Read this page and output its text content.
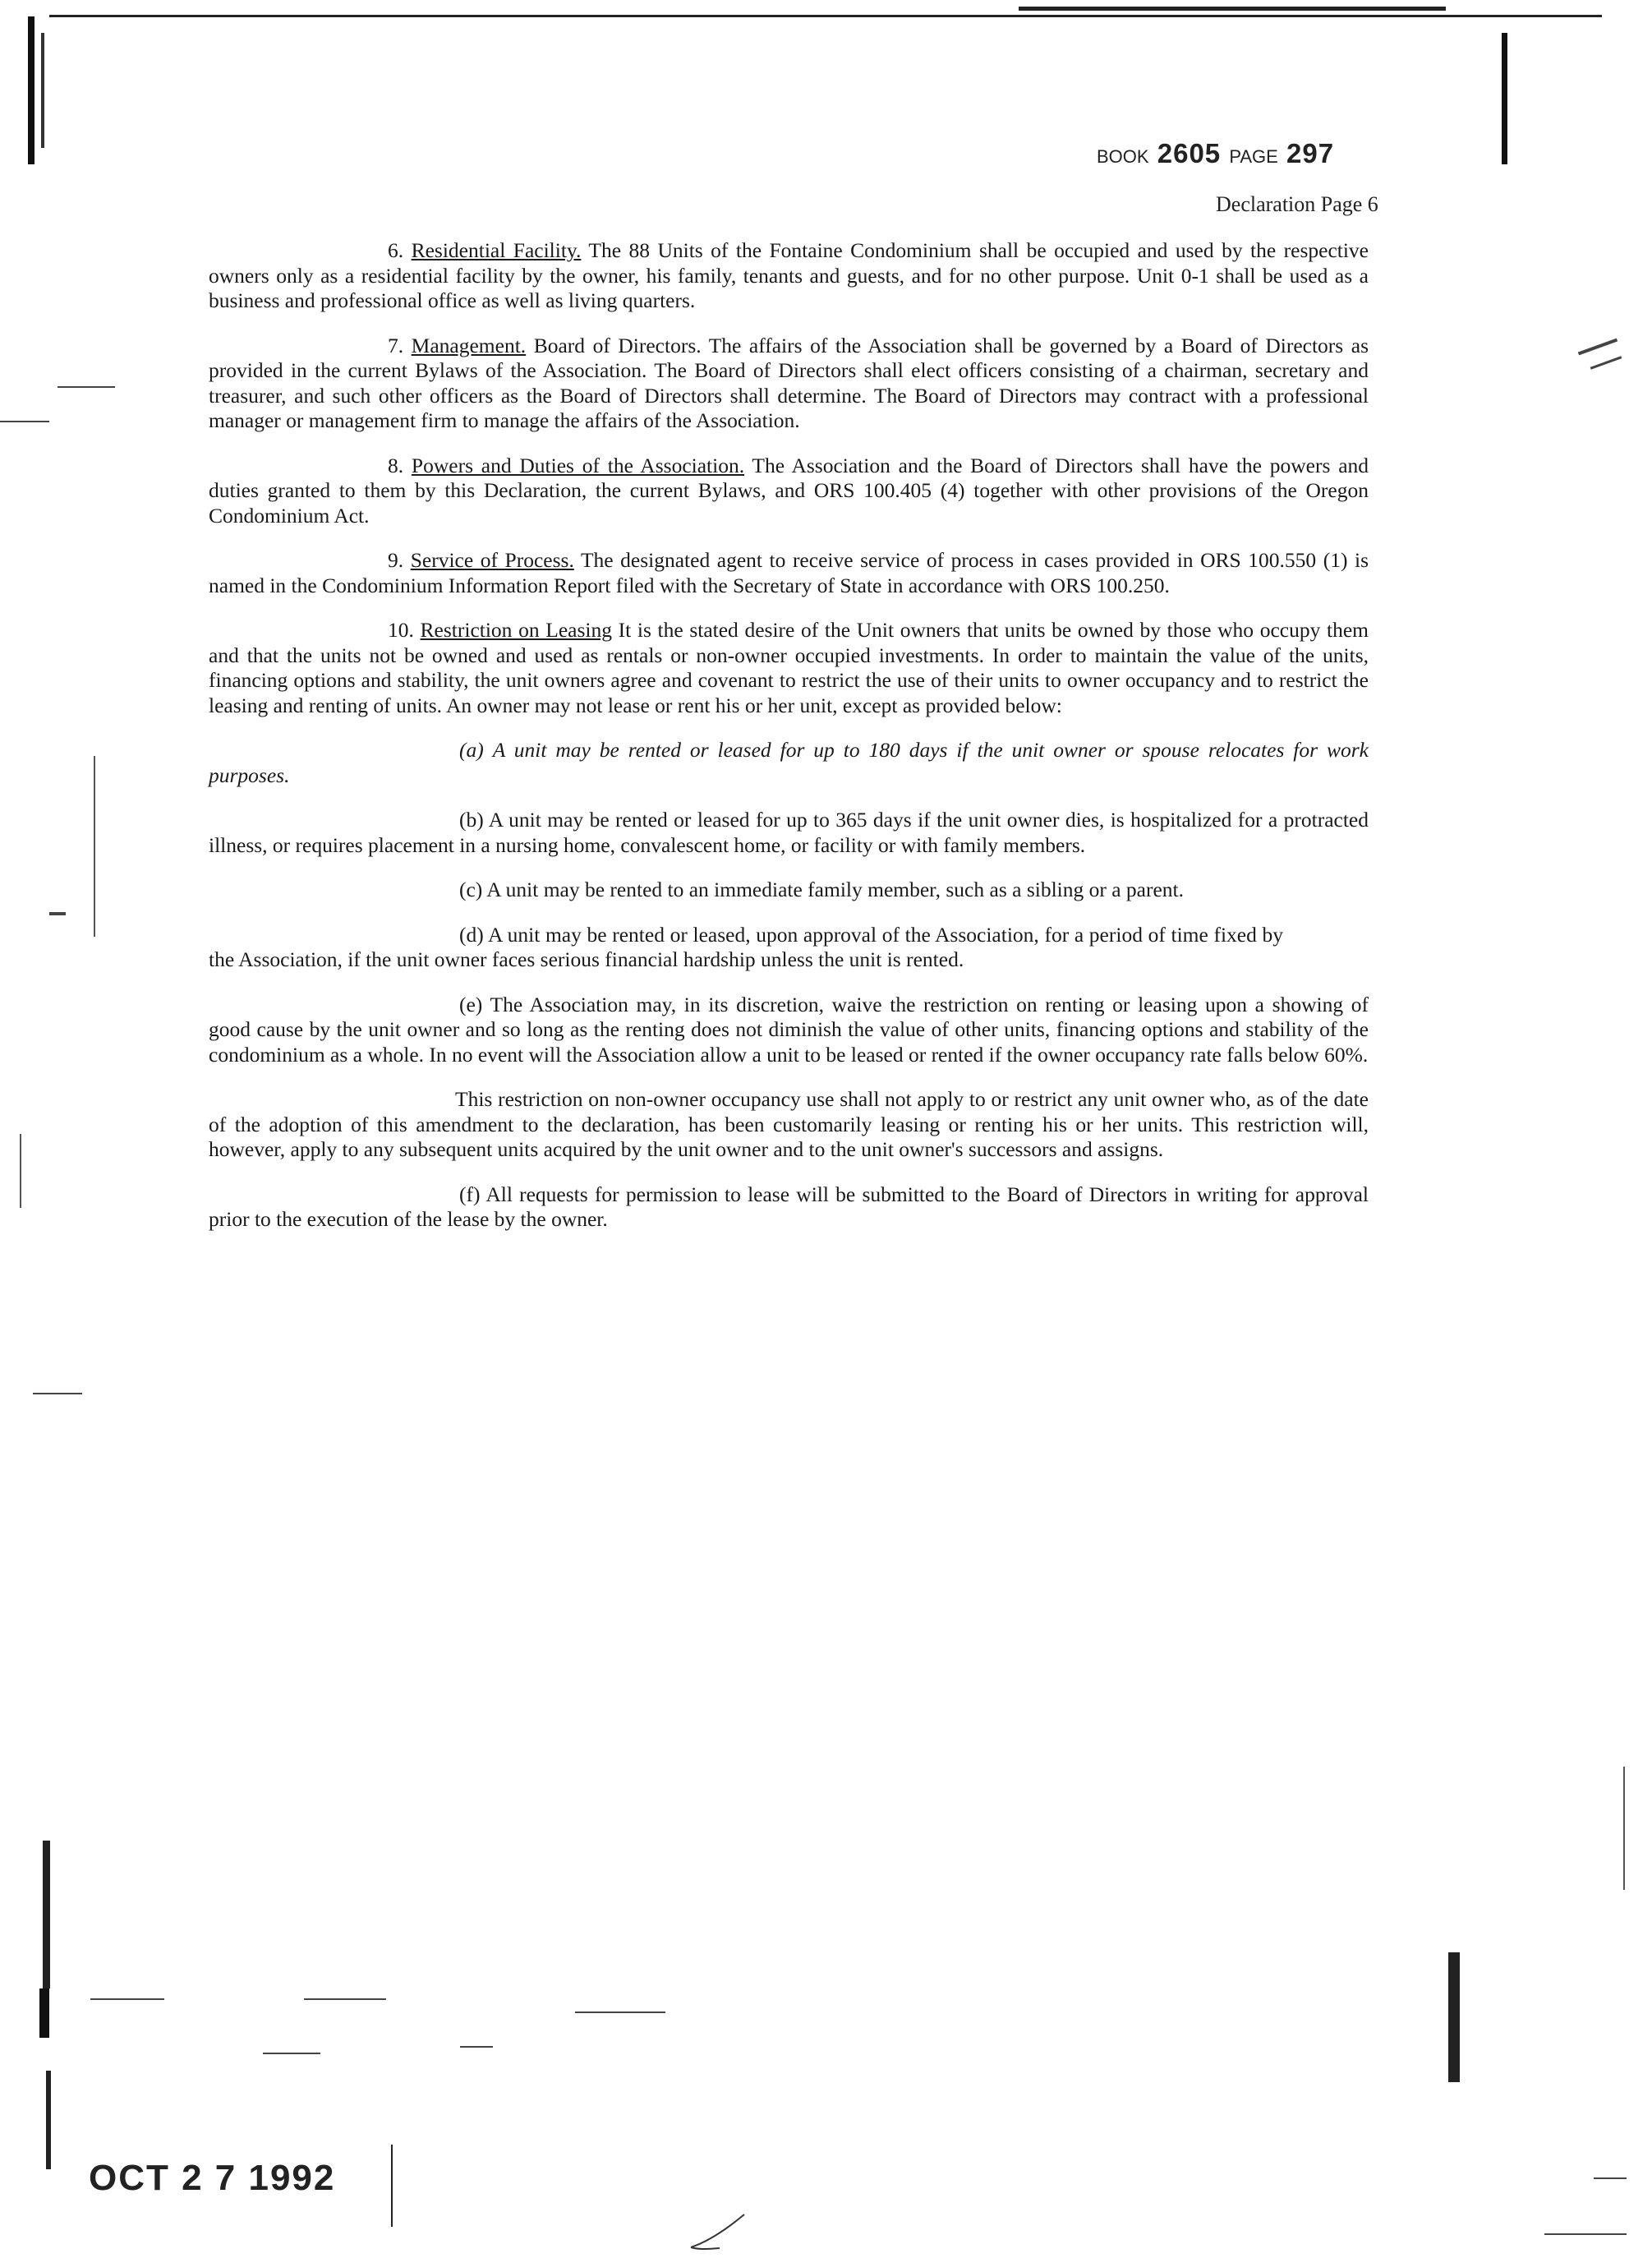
BOOK 2605 PAGE 297
Declaration Page 6

6. Residential Facility. The 88 Units of the Fontaine Condominium shall be occupied and used by the respective owners only as a residential facility by the owner, his family, tenants and guests, and for no other purpose. Unit 0-1 shall be used as a business and professional office as well as living quarters.

7. Management. Board of Directors. The affairs of the Association shall be governed by a Board of Directors as provided in the current Bylaws of the Association. The Board of Directors shall elect officers consisting of a chairman, secretary and treasurer, and such other officers as the Board of Directors shall determine. The Board of Directors may contract with a professional manager or management firm to manage the affairs of the Association.

8. Powers and Duties of the Association. The Association and the Board of Directors shall have the powers and duties granted to them by this Declaration, the current Bylaws, and ORS 100.405 (4) together with other provisions of the Oregon Condominium Act.

9. Service of Process. The designated agent to receive service of process in cases provided in ORS 100.550 (1) is named in the Condominium Information Report filed with the Secretary of State in accordance with ORS 100.250.

10. Restriction on Leasing It is the stated desire of the Unit owners that units be owned by those who occupy them and that the units not be owned and used as rentals or non-owner occupied investments. In order to maintain the value of the units, financing options and stability, the unit owners agree and covenant to restrict the use of their units to owner occupancy and to restrict the leasing and renting of units. An owner may not lease or rent his or her unit, except as provided below:

(a) A unit may be rented or leased for up to 180 days if the unit owner or spouse relocates for work purposes.

(b) A unit may be rented or leased for up to 365 days if the unit owner dies, is hospitalized for a protracted illness, or requires placement in a nursing home, convalescent home, or facility or with family members.

(c) A unit may be rented to an immediate family member, such as a sibling or a parent.

(d) A unit may be rented or leased, upon approval of the Association, for a period of time fixed by the Association, if the unit owner faces serious financial hardship unless the unit is rented.

(e) The Association may, in its discretion, waive the restriction on renting or leasing upon a showing of good cause by the unit owner and so long as the renting does not diminish the value of other units, financing options and stability of the condominium as a whole. In no event will the Association allow a unit to be leased or rented if the owner occupancy rate falls below 60%.

This restriction on non-owner occupancy use shall not apply to or restrict any unit owner who, as of the date of the adoption of this amendment to the declaration, has been customarily leasing or renting his or her units. This restriction will, however, apply to any subsequent units acquired by the unit owner and to the unit owner's successors and assigns.

(f) All requests for permission to lease will be submitted to the Board of Directors in writing for approval prior to the execution of the lease by the owner.

OCT 2 7 1992
